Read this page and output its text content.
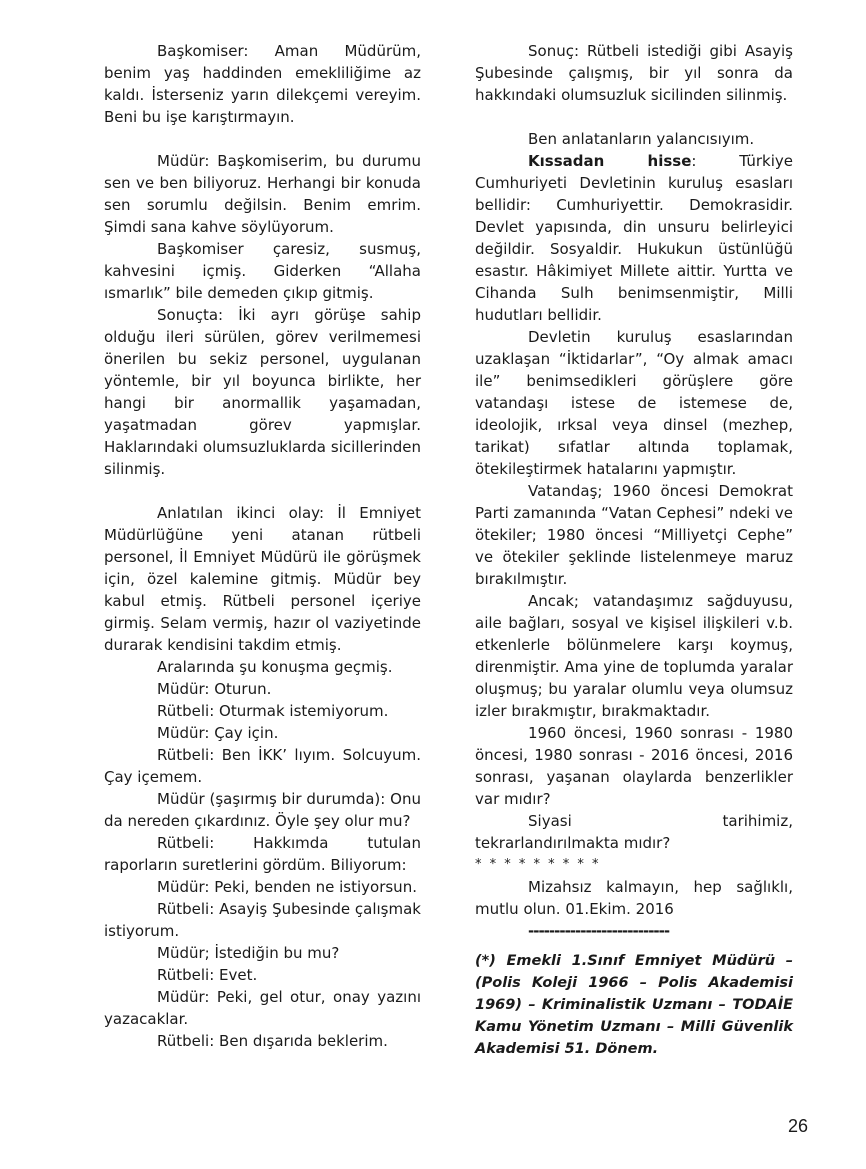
Başkomiser: Aman Müdürüm, benim yaş haddinden emekliliğime az kaldı. İsterseniz yarın dilekçemi vereyim. Beni bu işe karıştırmayın.

Müdür: Başkomiserim, bu durumu sen ve ben biliyoruz. Herhangi bir konuda sen sorumlu değilsin. Benim emrim. Şimdi sana kahve söylüyorum.

Başkomiser çaresiz, susmuş, kahvesini içmiş. Giderken “Allaha ısmarlık” bile demeden çıkıp gitmiş.

Sonuçta: İki ayrı görüşe sahip olduğu ileri sürülen, görev verilmemesi önerilen bu sekiz personel, uygulanan yöntemle, bir yıl boyunca birlikte, her hangi bir anormallik yaşamadan, yaşatmadan görev yapmışlar. Haklarındaki olumsuzluklarda sicillerinden silinmiş.

Anlatılan ikinci olay: İl Emniyet Müdürlüğüne yeni atanan rütbeli personel, İl Emniyet Müdürü ile görüşmek için, özel kalemine gitmiş. Müdür bey kabul etmiş. Rütbeli personel içeriye girmiş. Selam vermiş, hazır ol vaziyetinde durarak kendisini takdim etmiş.

Aralarında şu konuşma geçmiş.

Müdür: Oturun.

Rütbeli: Oturmak istemiyorum.

Müdür: Çay için.

Rütbeli: Ben İKK’ lıyım. Solcuyum. Çay içemem.

Müdür (şaşırmış bir durumda): Onu da nereden çıkardınız. Öyle şey olur mu?

Rütbeli: Hakkımda tutulan raporların suretlerini gördüm. Biliyorum:

Müdür: Peki, benden ne istiyorsun.

Rütbeli: Asayiş Şubesinde çalışmak istiyorum.

Müdür; İstediğin bu mu?

Rütbeli: Evet.

Müdür: Peki, gel otur, onay yazını yazacaklar.

Rütbeli: Ben dışarıda beklerim.

Sonuç: Rütbeli istediği gibi Asayiş Şubesinde çalışmış, bir yıl sonra da hakkındaki olumsuzluk sicilinden silinmiş.

Ben anlatanların yalancısıyım.

Kıssadan hisse: Türkiye Cumhuriyeti Devletinin kuruluş esasları bellidir: Cumhuriyettir. Demokrasidir. Devlet yapısında, din unsuru belirleyici değildir. Sosyaldir. Hukukun üstünlüğü esastır. Hâkimiyet Millete aittir. Yurtta ve Cihanda Sulh benimsenmiştir, Milli hudutları bellidir.

Devletin kuruluş esaslarından uzaklaşan “İktidarlar”, “Oy almak amacı ile” benimsedikleri görüşlere göre vatandaşı istese de istemese de, ideolojik, ırksal veya dinsel (mezhep, tarikat) sıfatlar altında toplamak, ötekileştirmek hatalarını yapmıştır.

Vatandaş; 1960 öncesi Demokrat Parti zamanında “Vatan Cephesi” ndeki ve ötekiler; 1980 öncesi “Milliyetçi Cephe” ve ötekiler şeklinde listelenmeye maruz bırakılmıştır.

Ancak; vatandaşımız sağduyusu, aile bağları, sosyal ve kişisel ilişkileri v.b. etkenlerle bölünmelere karşı koymuş, direnmiştir. Ama yine de toplumda yaralar oluşmuş; bu yaralar olumlu veya olumsuz izler bırakmıştır, bırakmaktadır.

1960 öncesi, 1960 sonrası - 1980 öncesi, 1980 sonrası - 2016 öncesi, 2016 sonrası, yaşanan olaylarda benzerlikler var mıdır?

Siyasi tarihimiz, tekrarlandırılmakta mıdır?

* * * * * * * * *

Mizahsız kalmayın, hep sağlıklı, mutlu olun. 01.Ekim. 2016

---------------------------

(*) Emekli 1.Sınıf Emniyet Müdürü – (Polis Koleji 1966 – Polis Akademisi 1969) – Kriminalistik Uzmanı – TODAİE Kamu Yönetim Uzmanı – Milli Güvenlik Akademisi 51. Dönem.

26
